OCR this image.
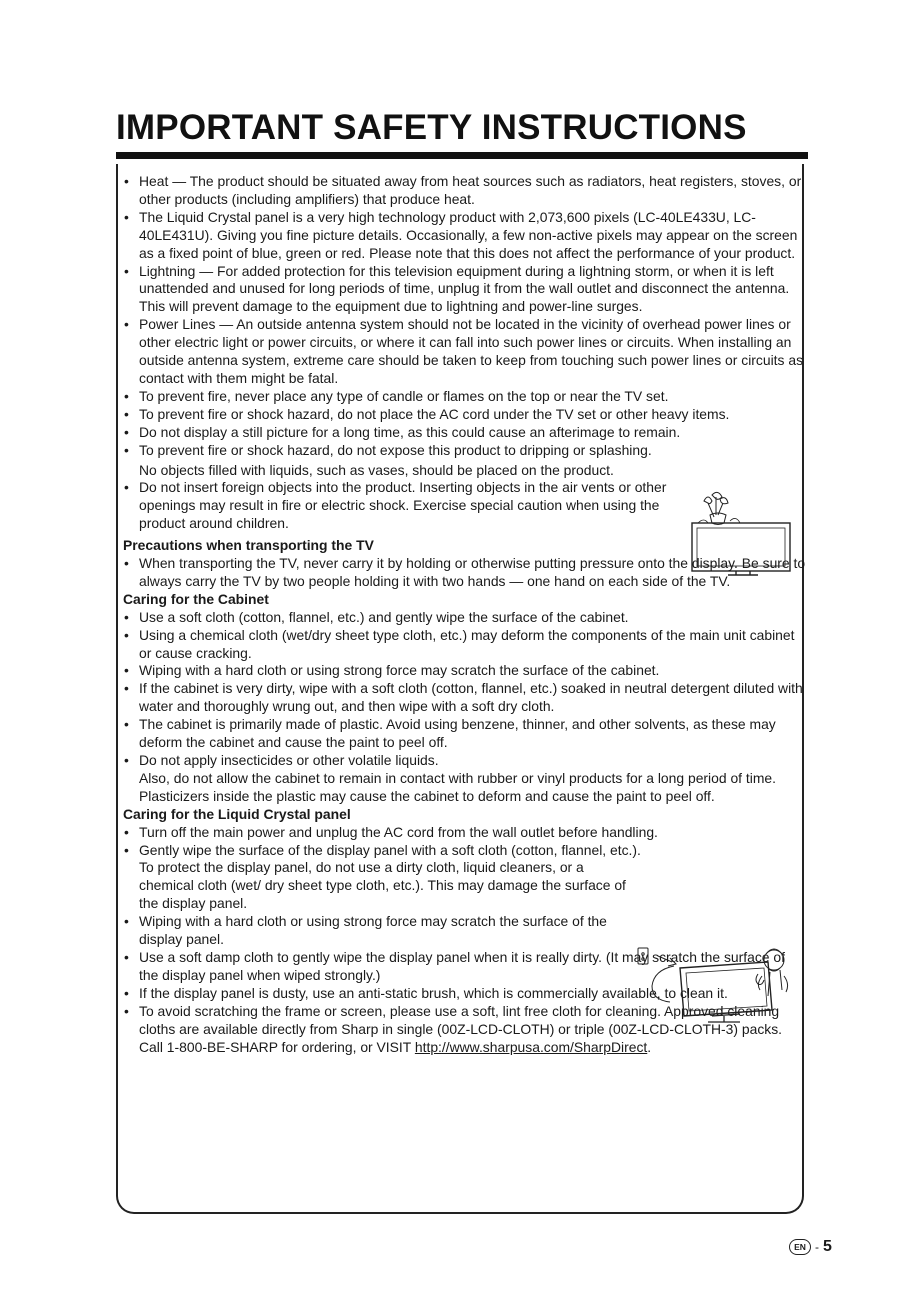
IMPORTANT SAFETY INSTRUCTIONS
• Heat — The product should be situated away from heat sources such as radiators, heat registers, stoves, or other products (including amplifiers) that produce heat.
• The Liquid Crystal panel is a very high technology product with 2,073,600 pixels (LC-40LE433U, LC-40LE431U). Giving you fine picture details. Occasionally, a few non-active pixels may appear on the screen as a fixed point of blue, green or red. Please note that this does not affect the performance of your product.
• Lightning — For added protection for this television equipment during a lightning storm, or when it is left unattended and unused for long periods of time, unplug it from the wall outlet and disconnect the antenna. This will prevent damage to the equipment due to lightning and power-line surges.
• Power Lines — An outside antenna system should not be located in the vicinity of overhead power lines or other electric light or power circuits, or where it can fall into such power lines or circuits. When installing an outside antenna system, extreme care should be taken to keep from touching such power lines or circuits as contact with them might be fatal.
• To prevent fire, never place any type of candle or flames on the top or near the TV set.
• To prevent fire or shock hazard, do not place the AC cord under the TV set or other heavy items.
• Do not display a still picture for a long time, as this could cause an afterimage to remain.
• To prevent fire or shock hazard, do not expose this product to dripping or splashing.

No objects filled with liquids, such as vases, should be placed on the product.

• Do not insert foreign objects into the product. Inserting objects in the air vents or other openings may result in fire or electric shock. Exercise special caution when using the product around children.

Precautions when transporting the TV

• When transporting the TV, never carry it by holding or otherwise putting pressure onto the display. Be sure to always carry the TV by two people holding it with two hands — one hand on each side of the TV.

Caring for the Cabinet

• Use a soft cloth (cotton, flannel, etc.) and gently wipe the surface of the cabinet.
• Using a chemical cloth (wet/dry sheet type cloth, etc.) may deform the components of the main unit cabinet or cause cracking.
• Wiping with a hard cloth or using strong force may scratch the surface of the cabinet.
• If the cabinet is very dirty, wipe with a soft cloth (cotton, flannel, etc.) soaked in neutral detergent diluted with water and thoroughly wrung out, and then wipe with a soft dry cloth.
• The cabinet is primarily made of plastic. Avoid using benzene, thinner, and other solvents, as these may deform the cabinet and cause the paint to peel off.
• Do not apply insecticides or other volatile liquids.

Also, do not allow the cabinet to remain in contact with rubber or vinyl products for a long period of time. Plasticizers inside the plastic may cause the cabinet to deform and cause the paint to peel off.

Caring for the Liquid Crystal panel

• Turn off the main power and unplug the AC cord from the wall outlet before handling.
• Gently wipe the surface of the display panel with a soft cloth (cotton, flannel, etc.).

To protect the display panel, do not use a dirty cloth, liquid cleaners, or a chemical cloth (wet/ dry sheet type cloth, etc.). This may damage the surface of the display panel.

• Wiping with a hard cloth or using strong force may scratch the surface of the display panel.
• Use a soft damp cloth to gently wipe the display panel when it is really dirty. (It may scratch the surface of the display panel when wiped strongly.)
• If the display panel is dusty, use an anti-static brush, which is commercially available, to clean it.
• To avoid scratching the frame or screen, please use a soft, lint free cloth for cleaning. Approved cleaning cloths are available directly from Sharp in single (00Z-LCD-CLOTH) or triple (00Z-LCD-CLOTH-3) packs.

Call 1-800-BE-SHARP for ordering, or VISIT http://www.sharpusa.com/SharpDirect.

EN - 5
